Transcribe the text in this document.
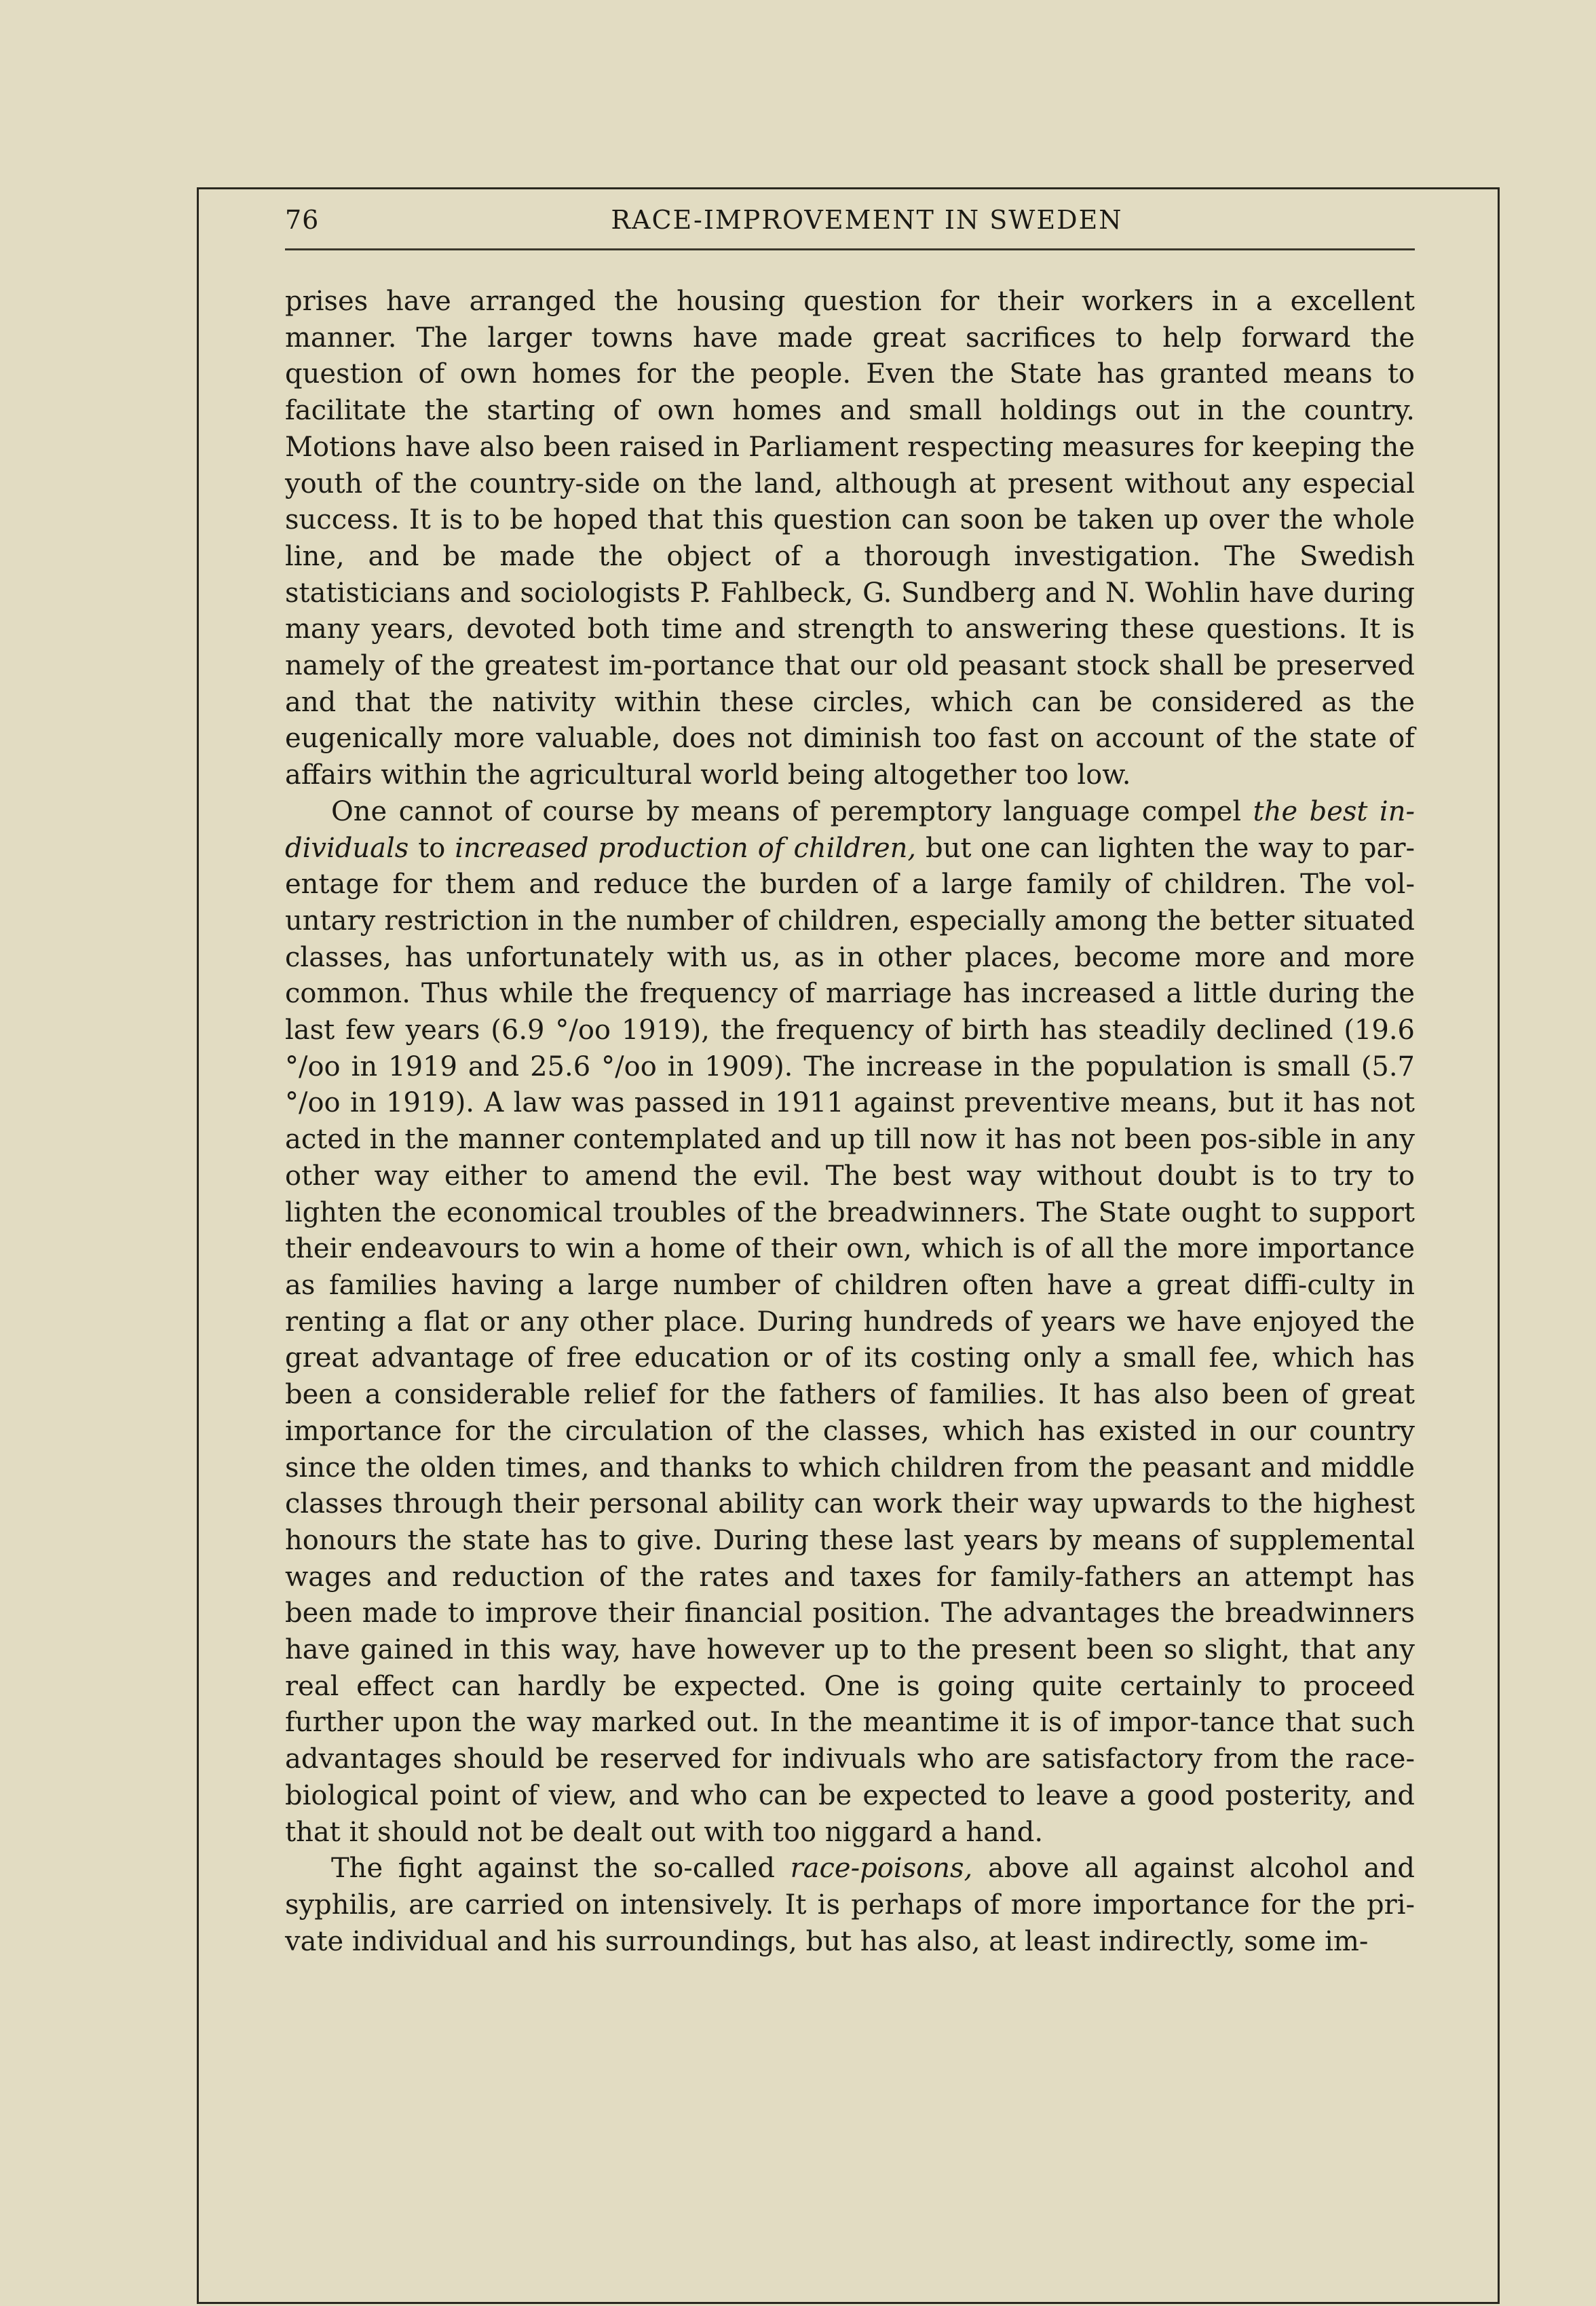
76	RACE-IMPROVEMENT IN SWEDEN

prises have arranged the housing question for their workers in a excellent manner. The larger towns have made great sacrifices to help forward the question of own homes for the people. Even the State has granted means to facilitate the starting of own homes and small holdings out in the country. Motions have also been raised in Parliament respecting measures for keeping the youth of the country-side on the land, although at present without any especial success. It is to be hoped that this question can soon be taken up over the whole line, and be made the object of a thorough investigation. The Swedish statisticians and sociologists P. Fahlbeck, G. Sundberg and N. Wohlin have during many years, devoted both time and strength to answering these questions. It is namely of the greatest im-portance that our old peasant stock shall be preserved and that the nativity within these circles, which can be considered as the eugenically more valuable, does not diminish too fast on account of the state of affairs within the agricultural world being altogether too low.

One cannot of course by means of peremptory language compel the best in-dividuals to increased production of children, but one can lighten the way to par-entage for them and reduce the burden of a large family of children. The vol-untary restriction in the number of children, especially among the better situated classes, has unfortunately with us, as in other places, become more and more common. Thus while the frequency of marriage has increased a little during the last few years (6.9 °/oo 1919), the frequency of birth has steadily declined (19.6 °/oo in 1919 and 25.6 °/oo in 1909). The increase in the population is small (5.7 °/oo in 1919). A law was passed in 1911 against preventive means, but it has not acted in the manner contemplated and up till now it has not been pos-sible in any other way either to amend the evil. The best way without doubt is to try to lighten the economical troubles of the breadwinners. The State ought to support their endeavours to win a home of their own, which is of all the more importance as families having a large number of children often have a great diffi-culty in renting a flat or any other place. During hundreds of years we have enjoyed the great advantage of free education or of its costing only a small fee, which has been a considerable relief for the fathers of families. It has also been of great importance for the circulation of the classes, which has existed in our country since the olden times, and thanks to which children from the peasant and middle classes through their personal ability can work their way upwards to the highest honours the state has to give. During these last years by means of supplemental wages and reduction of the rates and taxes for family-fathers an attempt has been made to improve their financial position. The advantages the breadwinners have gained in this way, have however up to the present been so slight, that any real effect can hardly be expected. One is going quite certainly to proceed further upon the way marked out. In the meantime it is of impor-tance that such advantages should be reserved for indivuals who are satisfactory from the race-biological point of view, and who can be expected to leave a good posterity, and that it should not be dealt out with too niggard a hand.

The fight against the so-called race-poisons, above all against alcohol and syphilis, are carried on intensively. It is perhaps of more importance for the pri-vate individual and his surroundings, but has also, at least indirectly, some im-
